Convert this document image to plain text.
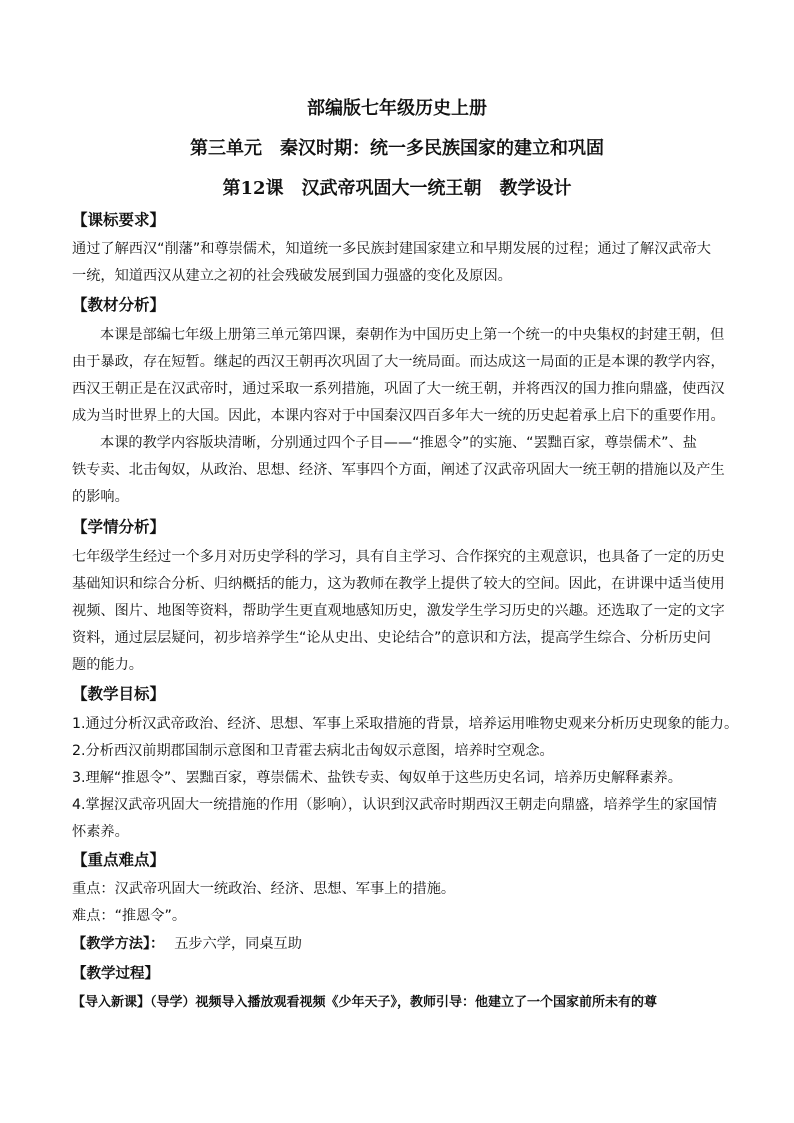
部编版七年级历史上册
第三单元　秦汉时期：统一多民族国家的建立和巩固
第12课　汉武帝巩固大一统王朝　教学设计
【课标要求】
通过了解西汉“削藩”和尊崇儒术，知道统一多民族封建国家建立和早期发展的过程；通过了解汉武帝大
一统，知道西汉从建立之初的社会残破发展到国力强盛的变化及原因。
【教材分析】
本课是部编七年级上册第三单元第四课，秦朝作为中国历史上第一个统一的中央集权的封建王朝，但
由于暴政，存在短暂。继起的西汉王朝再次巩固了大一统局面。而达成这一局面的正是本课的教学内容，
西汉王朝正是在汉武帝时，通过采取一系列措施，巩固了大一统王朝，并将西汉的国力推向鼎盛，使西汉
成为当时世界上的大国。因此，本课内容对于中国秦汉四百多年大一统的历史起着承上启下的重要作用。
本课的教学内容版块清晰，分别通过四个子目——“推恩令”的实施、“罢黜百家，尊崇儒术”、盐
铁专卖、北击匈奴，从政治、思想、经济、军事四个方面，阐述了汉武帝巩固大一统王朝的措施以及产生
的影响。
【学情分析】
七年级学生经过一个多月对历史学科的学习，具有自主学习、合作探究的主观意识，也具备了一定的历史
基础知识和综合分析、归纳概括的能力，这为教师在教学上提供了较大的空间。因此，在讲课中适当使用
视频、图片、地图等资料，帮助学生更直观地感知历史，激发学生学习历史的兴趣。还选取了一定的文字
资料，通过层层疑问，初步培养学生“论从史出、史论结合”的意识和方法，提高学生综合、分析历史问
题的能力。
【教学目标】
1.通过分析汉武帝政治、经济、思想、军事上采取措施的背景，培养运用唯物史观来分析历史现象的能力。
2.分析西汉前期郡国制示意图和卫青霍去病北击匈奴示意图，培养时空观念。
3.理解“推恩令”、罢黜百家，尊崇儒术、盐铁专卖、匈奴单于这些历史名词，培养历史解释素养。
4.掌握汉武帝巩固大一统措施的作用（影响），认识到汉武帝时期西汉王朝走向鼎盛，培养学生的家国情
怀素养。
【重点难点】
重点：汉武帝巩固大一统政治、经济、思想、军事上的措施。
难点：“推恩令”。
【教学方法】： 五步六学，同桌互助
【教学过程】
【导入新课】（导学）视频导入播放观看视频《少年天子》，教师引导：他建立了一个国家前所未有的尊
